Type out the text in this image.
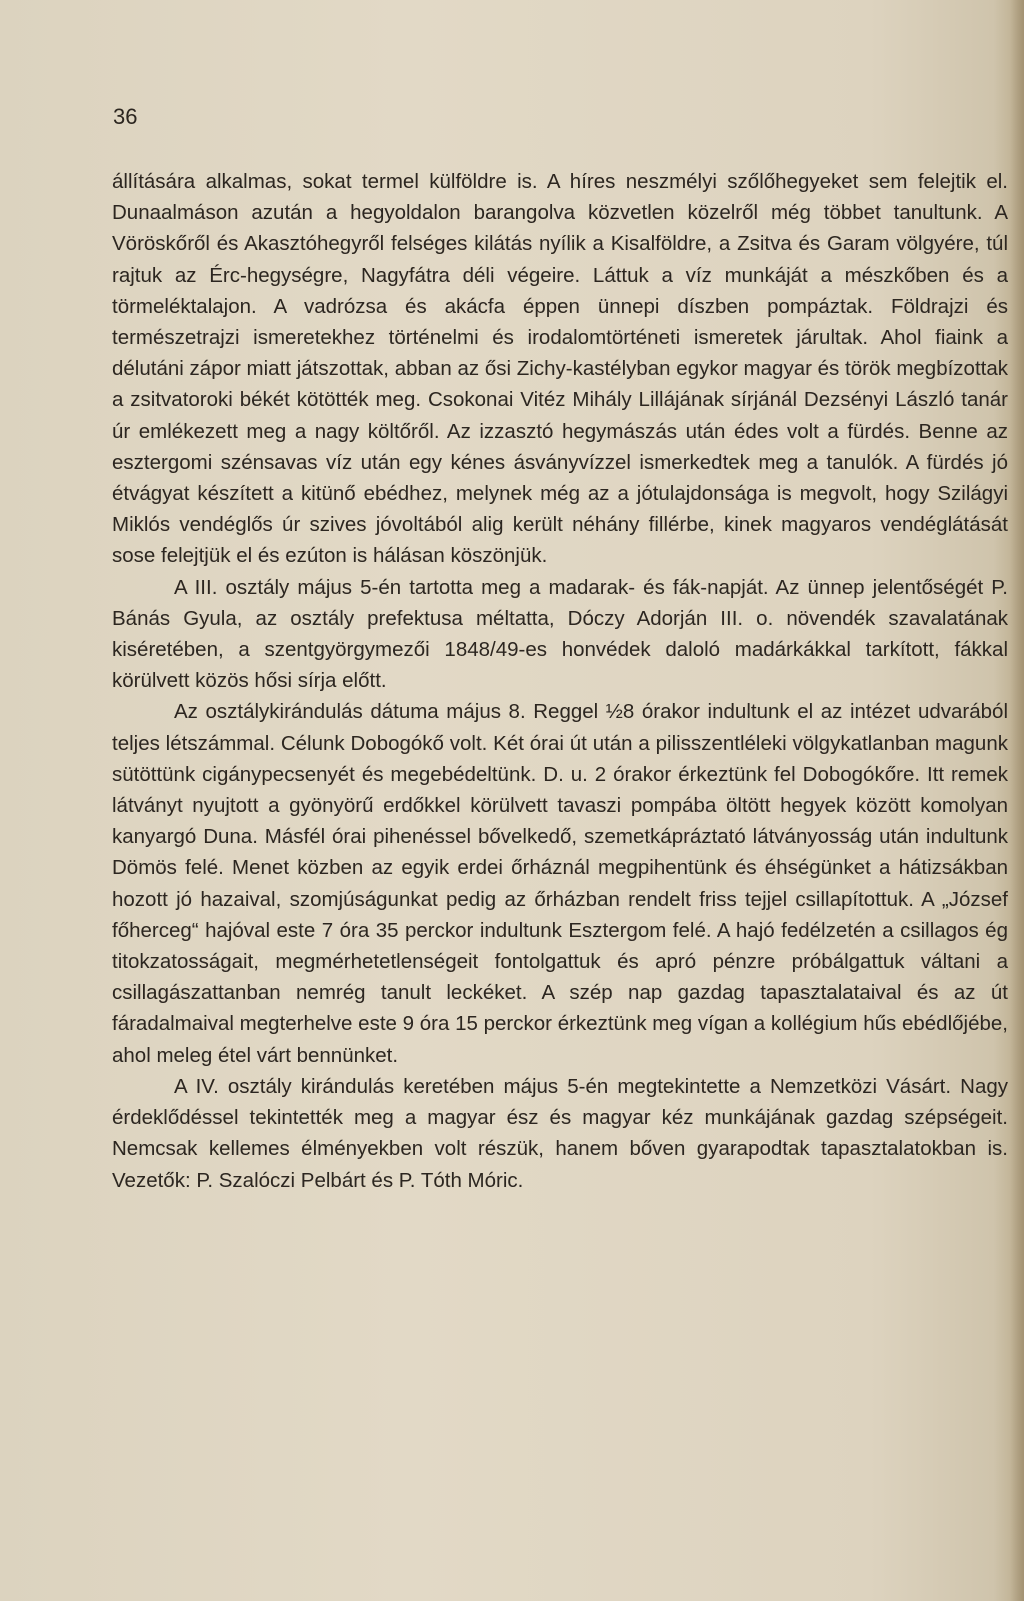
36

állítására alkalmas, sokat termel külföldre is. A híres neszmélyi szőlőhegyeket sem felejtik el. Dunaalmáson azután a hegyoldalon barangolva közvetlen közelről még többet tanultunk. A Vöröskőről és Akasztóhegyről felséges kilátás nyílik a Kisalföldre, a Zsitva és Garam völgyére, túl rajtuk az Érc-hegységre, Nagyfátra déli végeire. Láttuk a víz munkáját a mészkőben és a törmeléktalajon. A vadrózsa és akácfa éppen ünnepi díszben pompáztak. Földrajzi és természetrajzi ismeretekhez történelmi és irodalomtörténeti ismeretek járultak. Ahol fiaink a délutáni zápor miatt játszottak, abban az ősi Zichy-kastélyban egykor magyar és török megbízottak a zsitvatoroki békét kötötték meg. Csokonai Vitéz Mihály Lillájának sírjánál Dezsényi László tanár úr emlékezett meg a nagy költőről. Az izzasztó hegymászás után édes volt a fürdés. Benne az esztergomi szénsavas víz után egy kénes ásványvízzel ismerkedtek meg a tanulók. A fürdés jó étvágyat készített a kitünő ebédhez, melynek még az a jótulajdonsága is megvolt, hogy Szilágyi Miklós vendéglős úr szives jóvoltából alig került néhány fillérbe, kinek magyaros vendéglátását sose felejtjük el és ezúton is hálásan köszönjük.

A III. osztály május 5-én tartotta meg a madarak- és fák-napját. Az ünnep jelentőségét P. Bánás Gyula, az osztály prefektusa méltatta, Dóczy Adorján III. o. növendék szavalatának kiséretében, a szentgyörgymezői 1848/49-es honvédek daloló madárkákkal tarkított, fákkal körülvett közös hősi sírja előtt.

Az osztálykirándulás dátuma május 8. Reggel ½8 órakor indultunk el az intézet udvarából teljes létszámmal. Célunk Dobogókő volt. Két órai út után a pilisszentléleki völgykatlanban magunk sütöttünk cigánypecsenyét és megebédeltünk. D. u. 2 órakor érkeztünk fel Dobogókőre. Itt remek látványt nyujtott a gyönyörű erdőkkel körülvett tavaszi pompába öltött hegyek között komolyan kanyargó Duna. Másfél órai pihenéssel bővelkedő, szemetkápráztató látványosság után indultunk Dömös felé. Menet közben az egyik erdei őrháznál megpihentünk és éhségünket a hátizsákban hozott jó hazaival, szomjúságunkat pedig az őrházban rendelt friss tejjel csillapítottuk. A „József főherceg“ hajóval este 7 óra 35 perckor indultunk Esztergom felé. A hajó fedélzetén a csillagos ég titokzatosságait, megmérhetetlenségeit fontolgattuk és apró pénzre próbálgattuk váltani a csillagászattanban nemrég tanult leckéket. A szép nap gazdag tapasztalataival és az út fáradalmaival megterhelve este 9 óra 15 perckor érkeztünk meg vígan a kollégium hűs ebédlőjébe, ahol meleg étel várt bennünket.

A IV. osztály kirándulás keretében május 5-én megtekintette a Nemzetközi Vásárt. Nagy érdeklődéssel tekintették meg a magyar ész és magyar kéz munkájának gazdag szépségeit. Nemcsak kellemes élményekben volt részük, hanem bőven gyarapodtak tapasztalatokban is. Vezetők: P. Szalóczi Pelbárt és P. Tóth Móric.
